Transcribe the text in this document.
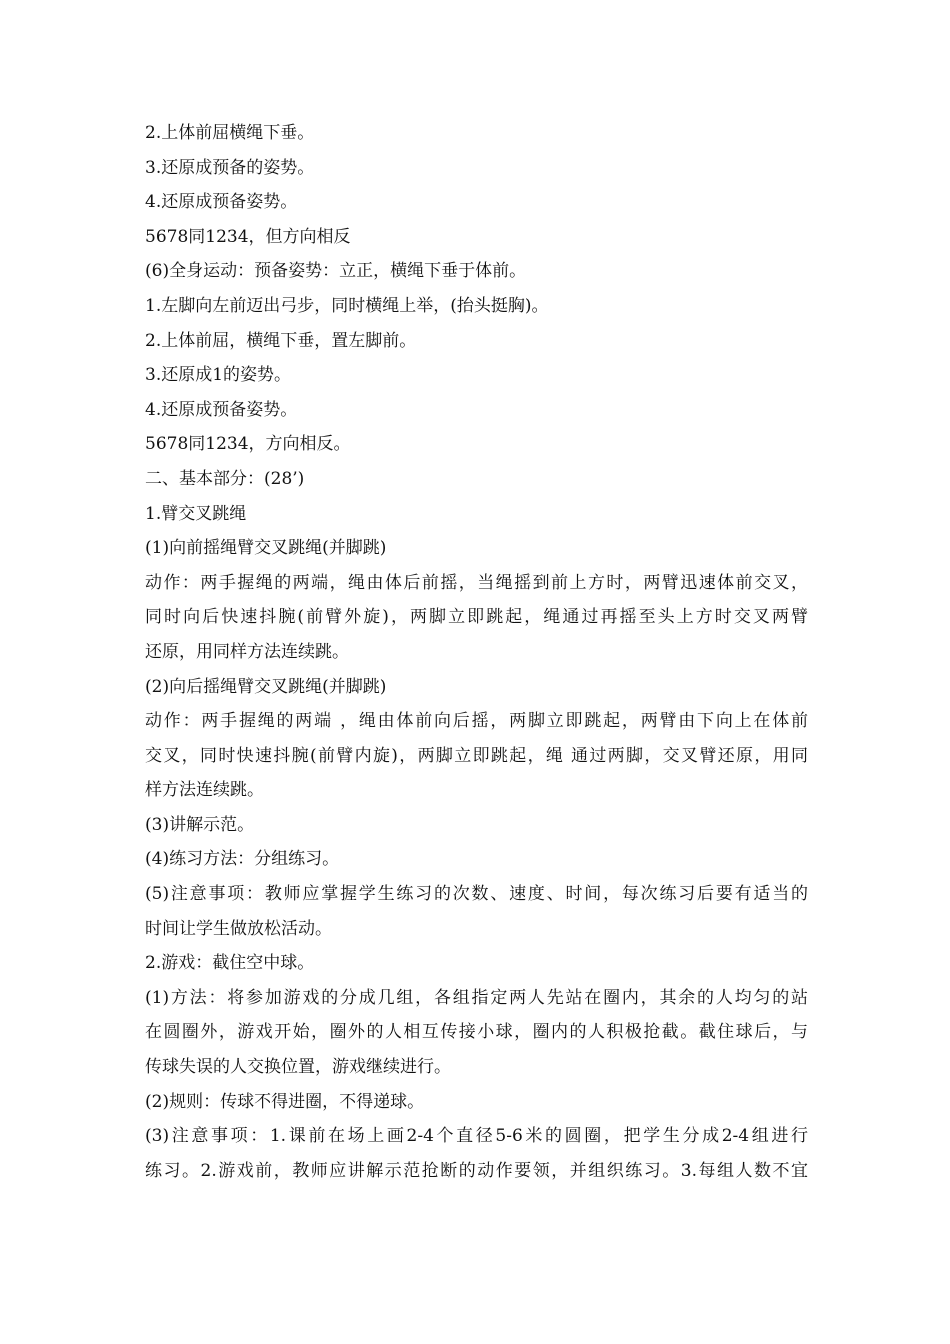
2.上体前屈横绳下垂。
3.还原成预备的姿势。
4.还原成预备姿势。
5678同1234，但方向相反
(6)全身运动：预备姿势：立正，横绳下垂于体前。
1.左脚向左前迈出弓步，同时横绳上举，(抬头挺胸)。
2.上体前屈，横绳下垂，置左脚前。
3.还原成1的姿势。
4.还原成预备姿势。
5678同1234，方向相反。
二、基本部分：(28’)
1.臂交叉跳绳
(1)向前摇绳臂交叉跳绳(并脚跳)
动作：两手握绳的两端，绳由体后前摇，当绳摇到前上方时，两臂迅速体前交叉，
同时向后快速抖腕(前臂外旋)，两脚立即跳起，绳通过再摇至头上方时交叉两臂
还原，用同样方法连续跳。
(2)向后摇绳臂交叉跳绳(并脚跳)
动作：两手握绳的两端 ，绳由体前向后摇，两脚立即跳起，两臂由下向上在体前
交叉，同时快速抖腕(前臂内旋)，两脚立即跳起，绳 通过两脚，交叉臂还原，用同
样方法连续跳。
(3)讲解示范。
(4)练习方法：分组练习。
(5)注意事项：教师应掌握学生练习的次数、速度、时间，每次练习后要有适当的
时间让学生做放松活动。
2.游戏：截住空中球。
(1)方法：将参加游戏的分成几组，各组指定两人先站在圈内，其余的人均匀的站
在圆圈外，游戏开始，圈外的人相互传接小球，圈内的人积极抢截。截住球后，与
传球失误的人交换位置，游戏继续进行。
(2)规则：传球不得进圈，不得递球。
(3)注意事项：1.课前在场上画2-4个直径5-6米的圆圈，把学生分成2-4组进行
练习。2.游戏前，教师应讲解示范抢断的动作要领，并组织练习。3.每组人数不宜
